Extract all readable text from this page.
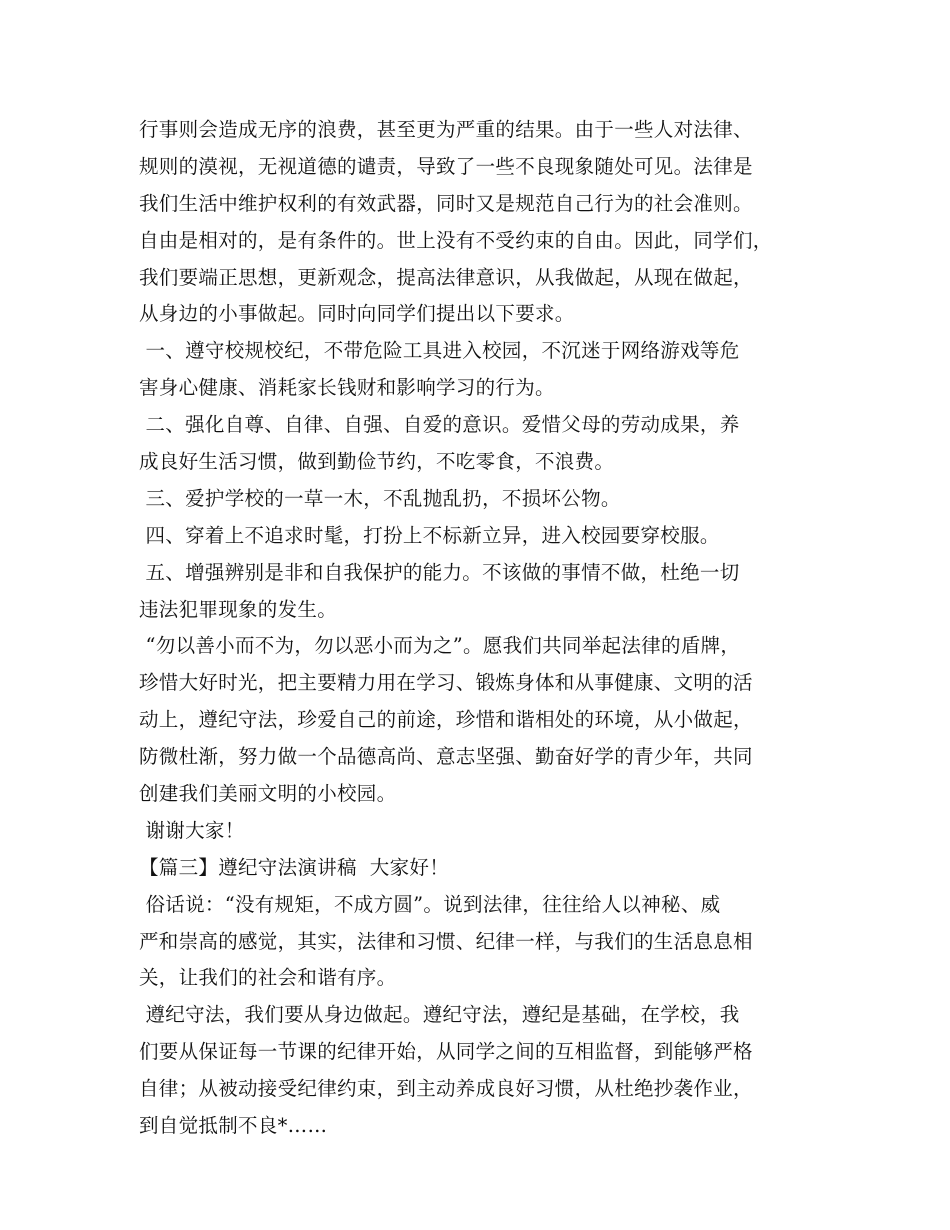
行事则会造成无序的浪费，甚至更为严重的结果。由于一些人对法律、
规则的漠视，无视道德的谴责，导致了一些不良现象随处可见。法律是
我们生活中维护权利的有效武器，同时又是规范自己行为的社会准则。
自由是相对的，是有条件的。世上没有不受约束的自由。因此，同学们，
我们要端正思想，更新观念，提高法律意识，从我做起，从现在做起，
从身边的小事做起。同时向同学们提出以下要求。
一、遵守校规校纪，不带危险工具进入校园，不沉迷于网络游戏等危
害身心健康、消耗家长钱财和影响学习的行为。
二、强化自尊、自律、自强、自爱的意识。爱惜父母的劳动成果，养
成良好生活习惯，做到勤俭节约，不吃零食，不浪费。
三、爱护学校的一草一木，不乱抛乱扔，不损坏公物。
四、穿着上不追求时髦，打扮上不标新立异，进入校园要穿校服。
五、增强辨别是非和自我保护的能力。不该做的事情不做，杜绝一切
违法犯罪现象的发生。
“勿以善小而不为，勿以恶小而为之”。愿我们共同举起法律的盾牌，
珍惜大好时光，把主要精力用在学习、锻炼身体和从事健康、文明的活
动上，遵纪守法，珍爱自己的前途，珍惜和谐相处的环境，从小做起，
防微杜渐，努力做一个品德高尚、意志坚强、勤奋好学的青少年，共同
创建我们美丽文明的小校园。
谢谢大家！
【篇三】遵纪守法演讲稿  大家好！
俗话说：“没有规矩，不成方圆”。说到法律，往往给人以神秘、威
严和崇高的感觉，其实，法律和习惯、纪律一样，与我们的生活息息相
关，让我们的社会和谐有序。
遵纪守法，我们要从身边做起。遵纪守法，遵纪是基础，在学校，我
们要从保证每一节课的纪律开始，从同学之间的互相监督，到能够严格
自律；从被动接受纪律约束，到主动养成良好习惯，从杜绝抄袭作业，
到自觉抵制不良*……
